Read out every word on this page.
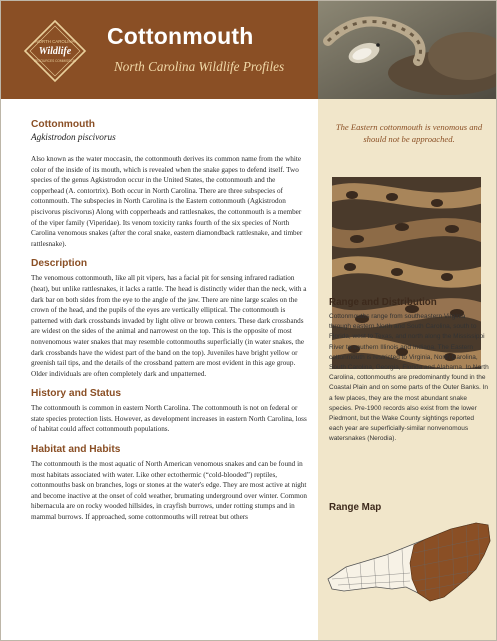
NORTH CAROLINA
Wildlife
RESOURCES COMMISSION
Cottonmouth
North Carolina Wildlife Profiles
Cottonmouth
Agkistrodon piscivorus

Also known as the water moccasin, the cottonmouth derives its common name from the white color of the inside of its mouth, which is revealed when the snake gapes to defend itself. Two species of the genus Agkistrodon occur in the United States, the cottonmouth and the copperhead (A. contortrix). Both occur in North Carolina. There are three subspecies of cottonmouth. The subspecies in North Carolina is the Eastern cottonmouth (Agkistrodon piscivorus piscivorus) Along with copperheads and rattlesnakes, the cottonmouth is a member of the viper family (Viperidae). Its venom toxicity ranks fourth of the six species of North Carolina venomous snakes (after the coral snake, eastern diamondback rattlesnake, and timber rattlesnake).

Description

The venomous cottonmouth, like all pit vipers, has a facial pit for sensing infrared radiation (heat), but unlike rattlesnakes, it lacks a rattle. The head is distinctly wider than the neck, with a dark bar on both sides from the eye to the angle of the jaw. There are nine large scales on the crown of the head, and the pupils of the eyes are vertically elliptical. The cottonmouth is patterned with dark crossbands invaded by light olive or brown centers. These dark crossbands are widest on the sides of the animal and narrowest on the top. This is the opposite of most nonvenomous water snakes that may resemble cottonmouths superficially (in water snakes, the dark crossbands have the widest part of the band on the top). Juveniles have bright yellow or greenish tail tips, and the details of the crossband pattern are most evident in this age group. Older individuals are often completely dark and unpatterned.

History and Status

The cottonmouth is common in eastern North Carolina. The cottonmouth is not on federal or state species protection lists. However, as development increases in eastern North Carolina, loss of habitat could affect cottonmouth populations.

Habitat and Habits

The cottonmouth is the most aquatic of North American venomous snakes and can be found in most habitats associated with water. Like other ectothermic (“cold-blooded”) reptiles, cottonmouths bask on branches, logs or stones at the water's edge. They are most active at night and become inactive at the onset of cold weather, brumating underground over winter. Common hibernacula are on rocky wooded hillsides, in crayfish burrows, under rotting stumps and in mammal burrows. If approached, some cottonmouths will retreat but others

The Eastern cottonmouth is venomous and should not be approached.
Range and Distribution
Cottonmouths range from southeastern Virginia through eastern North and South Carolina, south to Florida, west to Texas, and north along the Mississippi River to southern Illinois and Indiana. The Eastern cottonmouth is restricted to Virginia, North Carolina, South Carolina, Georgia, Florida and Alabama. In North Carolina, cottonmouths are predominantly found in the Coastal Plain and on some parts of the Outer Banks. In a few places, they are the most abundant snake species. Pre-1900 records also exist from the lower Piedmont, but the Wake County sightings reported each year are superficially-similar nonvenomous watersnakes (Nerodia).
Range Map
